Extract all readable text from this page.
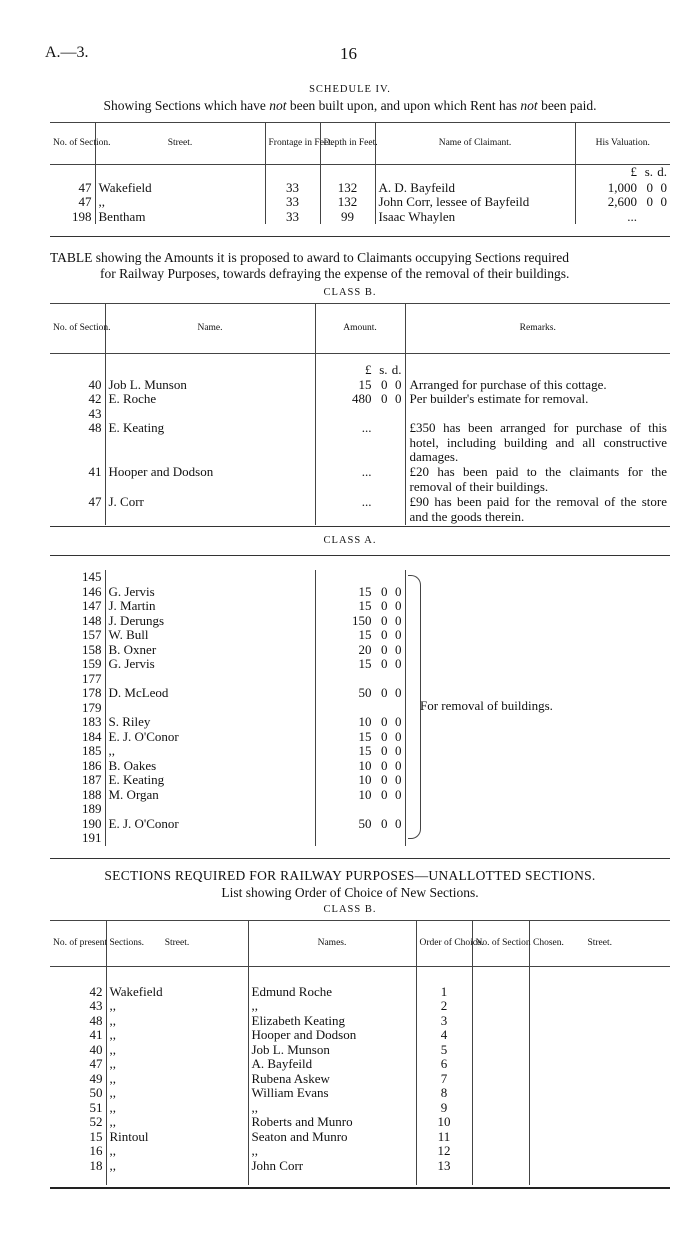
A.—3.	16
SCHEDULE IV.
Showing Sections which have not been built upon, and upon which Rent has not been paid.
No. of Section.	Street.	Frontage in Feet.	Depth in Feet.	Name of Claimant.	His Valuation.
					£ s. d.
47	Wakefield	33	132	A. D. Bayfeild	1,000 0 0
47	,,	33	132	John Corr, lessee of Bayfeild	2,600 0 0
198	Bentham	33	99	Isaac Whaylen	...
TABLE showing the Amounts it is proposed to award to Claimants occupying Sections required
for Railway Purposes, towards defraying the expense of the removal of their buildings.
CLASS B.
No. of Section.	Name.	Amount.	Remarks.
		£ s. d.	
40	Job L. Munson	15 0 0	Arranged for purchase of this cottage.
42	E. Roche	480 0 0	Per builder's estimate for removal.
43			
48	E. Keating	...	£350 has been arranged for purchase of this hotel, including building and all constructive damages.
41	Hooper and Dodson	...	£20 has been paid to the claimants for the removal of their buildings.
47	J. Corr	...	£90 has been paid for the removal of the store and the goods therein.
CLASS A.
145			
146	G. Jervis	15 0 0	
147	J. Martin	15 0 0	
148	J. Derungs	150 0 0	
157	W. Bull	15 0 0	
158	B. Oxner	20 0 0	
159	G. Jervis	15 0 0	
177			
178	D. McLeod	50 0 0	
179			
183	S. Riley	10 0 0	
184	E. J. O'Conor	15 0 0	
185	,,	15 0 0	
186	B. Oakes	10 0 0	
187	E. Keating	10 0 0	
188	M. Organ	10 0 0	
189			
190	E. J. O'Conor	50 0 0	
191			
For removal of buildings.
SECTIONS REQUIRED FOR RAILWAY PURPOSES—UNALLOTTED SECTIONS.
List showing Order of Choice of New Sections.
CLASS B.
No. of present Sections.	Street.	Names.	Order of Choice.	No. of Section Chosen.	Street.

42	Wakefield	Edmund Roche	1		
43	,,	,,	2		
48	,,	Elizabeth Keating	3		
41	,,	Hooper and Dodson	4		
40	,,	Job L. Munson	5		
47	,,	A. Bayfeild	6		
49	,,	Rubena Askew	7		
50	,,	William Evans	8		
51	,,	,,	9		
52	,,	Roberts and Munro	10		
15	Rintoul	Seaton and Munro	11		
16	,,	,,	12		
18	,,	John Corr	13		
